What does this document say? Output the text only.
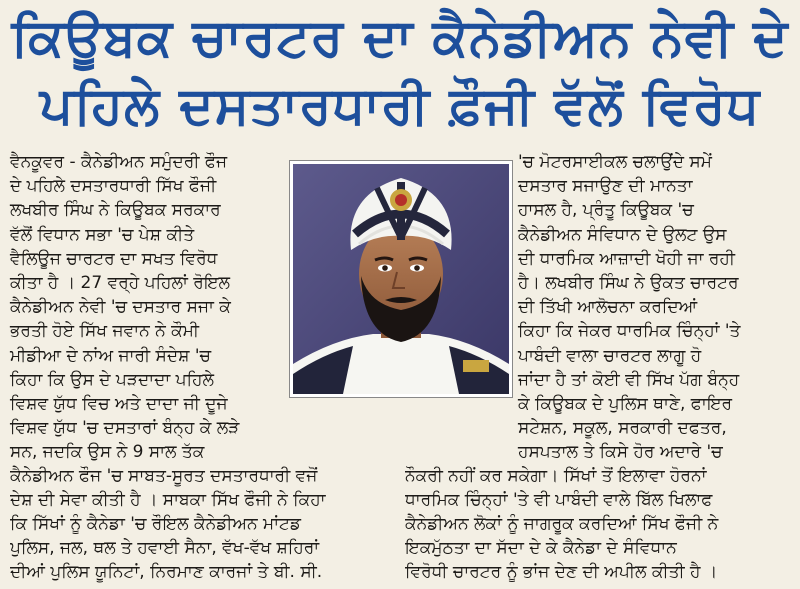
ਕਿਊਬਕ ਚਾਰਟਰ ਦਾ ਕੈਨੇਡੀਅਨ ਨੇਵੀ ਦੇ
ਪਹਿਲੇ ਦਸਤਾਰਧਾਰੀ ਫ਼ੌਜੀ ਵੱਲੋਂ ਵਿਰੋਧ
ਵੈਨਕੂਵਰ - ਕੈਨੇਡੀਅਨ ਸਮੁੰਦਰੀ ਫੌਜ
ਦੇ ਪਹਿਲੇ ਦਸਤਾਰਧਾਰੀ ਸਿੱਖ ਫੌਜੀ
ਲਖਬੀਰ ਸਿੰਘ ਨੇ ਕਿਊਬਕ ਸਰਕਾਰ
ਵੱਲੋਂ ਵਿਧਾਨ ਸਭਾ 'ਚ ਪੇਸ਼ ਕੀਤੇ
ਵੈਲਿਊਜ ਚਾਰਟਰ ਦਾ ਸਖਤ ਵਿਰੋਧ
ਕੀਤਾ ਹੈ । 27 ਵਰ੍ਹੇ ਪਹਿਲਾਂ ਰੋਇਲ
ਕੈਨੇਡੀਅਨ ਨੇਵੀ 'ਚ ਦਸਤਾਰ ਸਜਾ ਕੇ
ਭਰਤੀ ਹੋਏ ਸਿੱਖ ਜਵਾਨ ਨੇ ਕੌਮੀ
ਮੀਡੀਆ ਦੇ ਨਾਂਅ ਜਾਰੀ ਸੰਦੇਸ਼ 'ਚ
ਕਿਹਾ ਕਿ ਉਸ ਦੇ ਪੜਦਾਦਾ ਪਹਿਲੇ
ਵਿਸ਼ਵ ਯੁੱਧ ਵਿਚ ਅਤੇ ਦਾਦਾ ਜੀ ਦੂਜੇ
ਵਿਸ਼ਵ ਯੁੱਧ 'ਚ ਦਸਤਾਰਾਂ ਬੰਨ੍ਹ ਕੇ ਲੜੇ
ਸਨ, ਜਦਕਿ ਉਸ ਨੇ 9 ਸਾਲ ਤੱਕ
'ਚ ਮੋਟਰਸਾਈਕਲ ਚਲਾਉਂਦੇ ਸਮੇਂ
ਦਸਤਾਰ ਸਜਾਉਣ ਦੀ ਮਾਨਤਾ
ਹਾਸਲ ਹੈ, ਪ੍ਰੰਤੂ ਕਿਊਬਕ 'ਚ
ਕੈਨੇਡੀਅਨ ਸੰਵਿਧਾਨ ਦੇ ਉਲਟ ਉਸ
ਦੀ ਧਾਰਮਿਕ ਆਜ਼ਾਦੀ ਖੋਹੀ ਜਾ ਰਹੀ
ਹੈ। ਲਖਬੀਰ ਸਿੰਘ ਨੇ ਉਕਤ ਚਾਰਟਰ
ਦੀ ਤਿੱਖੀ ਆਲੋਚਨਾ ਕਰਦਿਆਂ
ਕਿਹਾ ਕਿ ਜੇਕਰ ਧਾਰਮਿਕ ਚਿੰਨ੍ਹਾਂ 'ਤੇ
ਪਾਬੰਦੀ ਵਾਲਾ ਚਾਰਟਰ ਲਾਗੂ ਹੋ
ਜਾਂਦਾ ਹੈ ਤਾਂ ਕੋਈ ਵੀ ਸਿੱਖ ਪੱਗ ਬੰਨ੍ਹ
ਕੇ ਕਿਊਬਕ ਦੇ ਪੁਲਿਸ ਥਾਣੇ, ਫਾਇਰ
ਸਟੇਸ਼ਨ, ਸਕੂਲ, ਸਰਕਾਰੀ ਦਫਤਰ,
ਹਸਪਤਾਲ ਤੇ ਕਿਸੇ ਹੋਰ ਅਦਾਰੇ 'ਚ
ਕੈਨੇਡੀਅਨ ਫੌਜ 'ਚ ਸਾਬਤ-ਸੂਰਤ ਦਸਤਾਰਧਾਰੀ ਵਜੋਂ	ਨੌਕਰੀ ਨਹੀਂ ਕਰ ਸਕੇਗਾ। ਸਿੱਖਾਂ ਤੋਂ ਇਲਾਵਾ ਹੋਰਨਾਂ
ਦੇਸ਼ ਦੀ ਸੇਵਾ ਕੀਤੀ ਹੈ । ਸਾਬਕਾ ਸਿੱਖ ਫੌਜੀ ਨੇ ਕਿਹਾ	ਧਾਰਮਿਕ ਚਿੰਨ੍ਹਾਂ 'ਤੇ ਵੀ ਪਾਬੰਦੀ ਵਾਲੇ ਬਿੱਲ ਖਿਲਾਫ
ਕਿ ਸਿੱਖਾਂ ਨੂੰ ਕੈਨੇਡਾ 'ਚ ਰੌਇਲ ਕੈਨੇਡੀਅਨ ਮਾਂਟਡ	ਕੈਨੇਡੀਅਨ ਲੋਕਾਂ ਨੂੰ ਜਾਗਰੂਕ ਕਰਦਿਆਂ ਸਿੱਖ ਫੌਜੀ ਨੇ
ਪੁਲਿਸ, ਜਲ, ਥਲ ਤੇ ਹਵਾਈ ਸੈਨਾ, ਵੱਖ-ਵੱਖ ਸ਼ਹਿਰਾਂ	ਇਕਮੁੱਠਤਾ ਦਾ ਸੱਦਾ ਦੇ ਕੇ ਕੈਨੇਡਾ ਦੇ ਸੰਵਿਧਾਨ
ਦੀਆਂ ਪੁਲਿਸ ਯੂਨਿਟਾਂ, ਨਿਰਮਾਣ ਕਾਰਜਾਂ ਤੇ ਬੀ. ਸੀ.	ਵਿਰੋਧੀ ਚਾਰਟਰ ਨੂੰ ਭਾਂਜ ਦੇਣ ਦੀ ਅਪੀਲ ਕੀਤੀ ਹੈ ।
